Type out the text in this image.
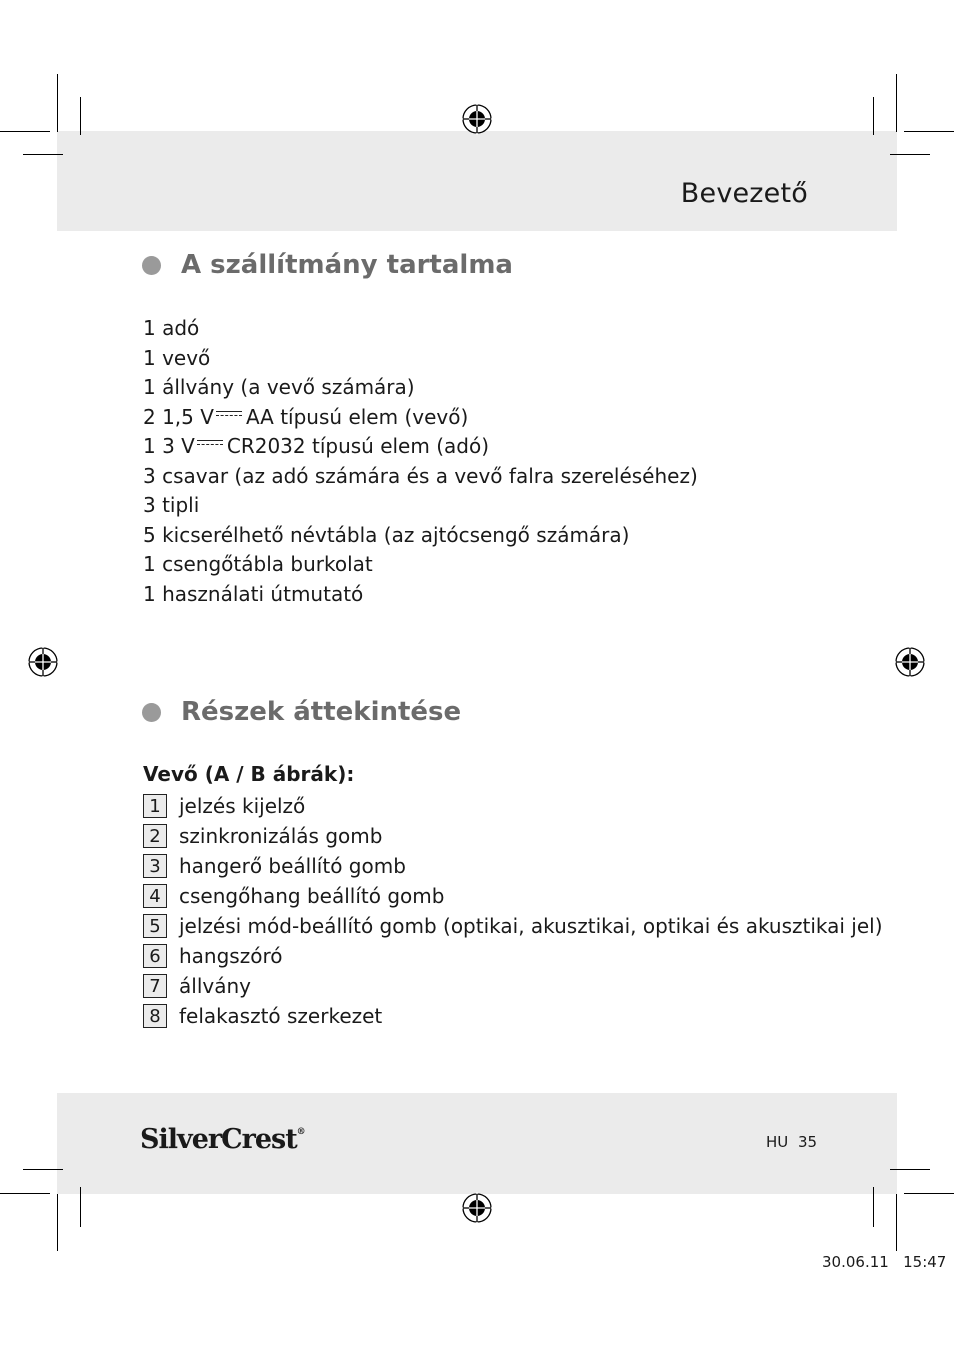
Bevezető
A szállítmány tartalma
1 adó
1 vevő
1 állvány (a vevő számára)
2 1,5 V AA típusú elem (vevő)
1 3 V CR2032 típusú elem (adó)
3 csavar (az adó számára és a vevő falra szereléséhez)
3 tipli
5 kicserélhető névtábla (az ajtócsengő számára)
1 csengőtábla burkolat
1 használati útmutató
Részek áttekintése
Vevő (A / B ábrák):
1 jelzés kijelző
2 szinkronizálás gomb
3 hangerő beállító gomb
4 csengőhang beállító gomb
5 jelzési mód-beállító gomb (optikai, akusztikai, optikai és akusztikai jel)
6 hangszóró
7 állvány
8 felakasztó szerkezet
SilverCrest®
HU 35
30.06.11   15:47
